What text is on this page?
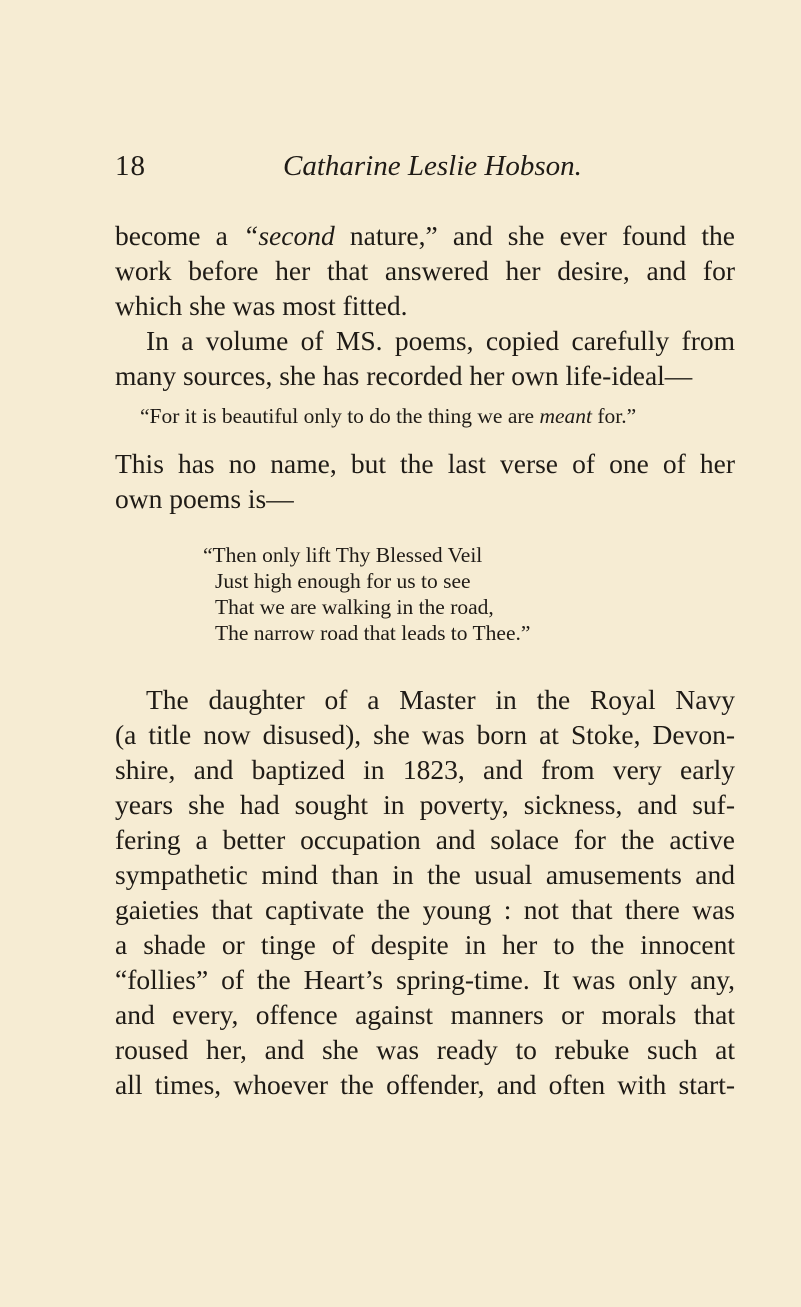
18	Catharine Leslie Hobson.
become a “second nature,” and she ever found the
work before her that answered her desire, and for
which she was most fitted.
In a volume of MS. poems, copied carefully from
many sources, she has recorded her own life-ideal—
“For it is beautiful only to do the thing we are meant for.”
This has no name, but the last verse of one of her
own poems is—
“Then only lift Thy Blessed Veil
Just high enough for us to see
That we are walking in the road,
The narrow road that leads to Thee.”
The daughter of a Master in the Royal Navy
(a title now disused), she was born at Stoke, Devon-
shire, and baptized in 1823, and from very early
years she had sought in poverty, sickness, and suf-
fering a better occupation and solace for the active
sympathetic mind than in the usual amusements and
gaieties that captivate the young : not that there was
a shade or tinge of despite in her to the innocent
“follies” of the Heart’s spring-time. It was only any,
and every, offence against manners or morals that
roused her, and she was ready to rebuke such at
all times, whoever the offender, and often with start-
